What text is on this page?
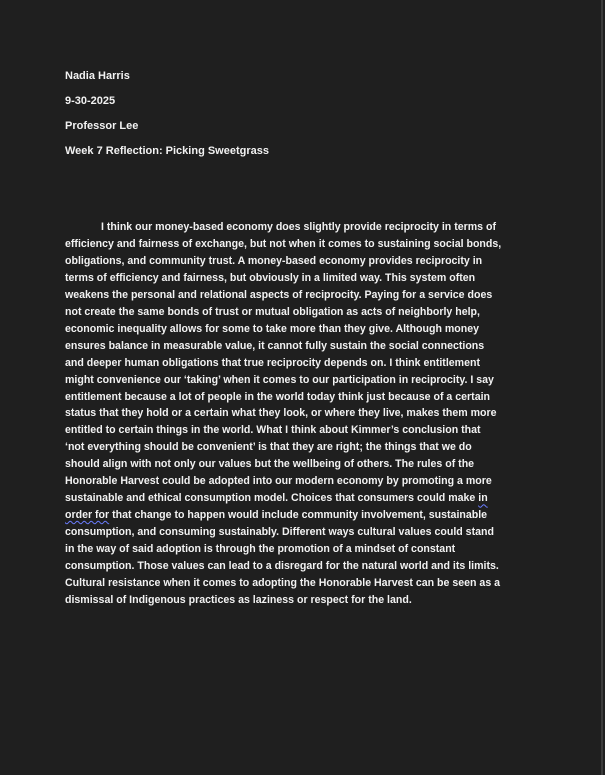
Nadia Harris
9-30-2025
Professor Lee
Week 7 Reflection: Picking Sweetgrass
I think our money-based economy does slightly provide reciprocity in terms of
efficiency and fairness of exchange, but not when it comes to sustaining social bonds,
obligations, and community trust. A money-based economy provides reciprocity in
terms of efficiency and fairness, but obviously in a limited way. This system often
weakens the personal and relational aspects of reciprocity. Paying for a service does
not create the same bonds of trust or mutual obligation as acts of neighborly help,
economic inequality allows for some to take more than they give. Although money
ensures balance in measurable value, it cannot fully sustain the social connections
and deeper human obligations that true reciprocity depends on. I think entitlement
might convenience our ‘taking’ when it comes to our participation in reciprocity. I say
entitlement because a lot of people in the world today think just because of a certain
status that they hold or a certain what they look, or where they live, makes them more
entitled to certain things in the world. What I think about Kimmer’s conclusion that
‘not everything should be convenient’ is that they are right; the things that we do
should align with not only our values but the wellbeing of others. The rules of the
Honorable Harvest could be adopted into our modern economy by promoting a more
sustainable and ethical consumption model. Choices that consumers could make in
order for that change to happen would include community involvement, sustainable
consumption, and consuming sustainably. Different ways cultural values could stand
in the way of said adoption is through the promotion of a mindset of constant
consumption. Those values can lead to a disregard for the natural world and its limits.
Cultural resistance when it comes to adopting the Honorable Harvest can be seen as a
dismissal of Indigenous practices as laziness or respect for the land.
